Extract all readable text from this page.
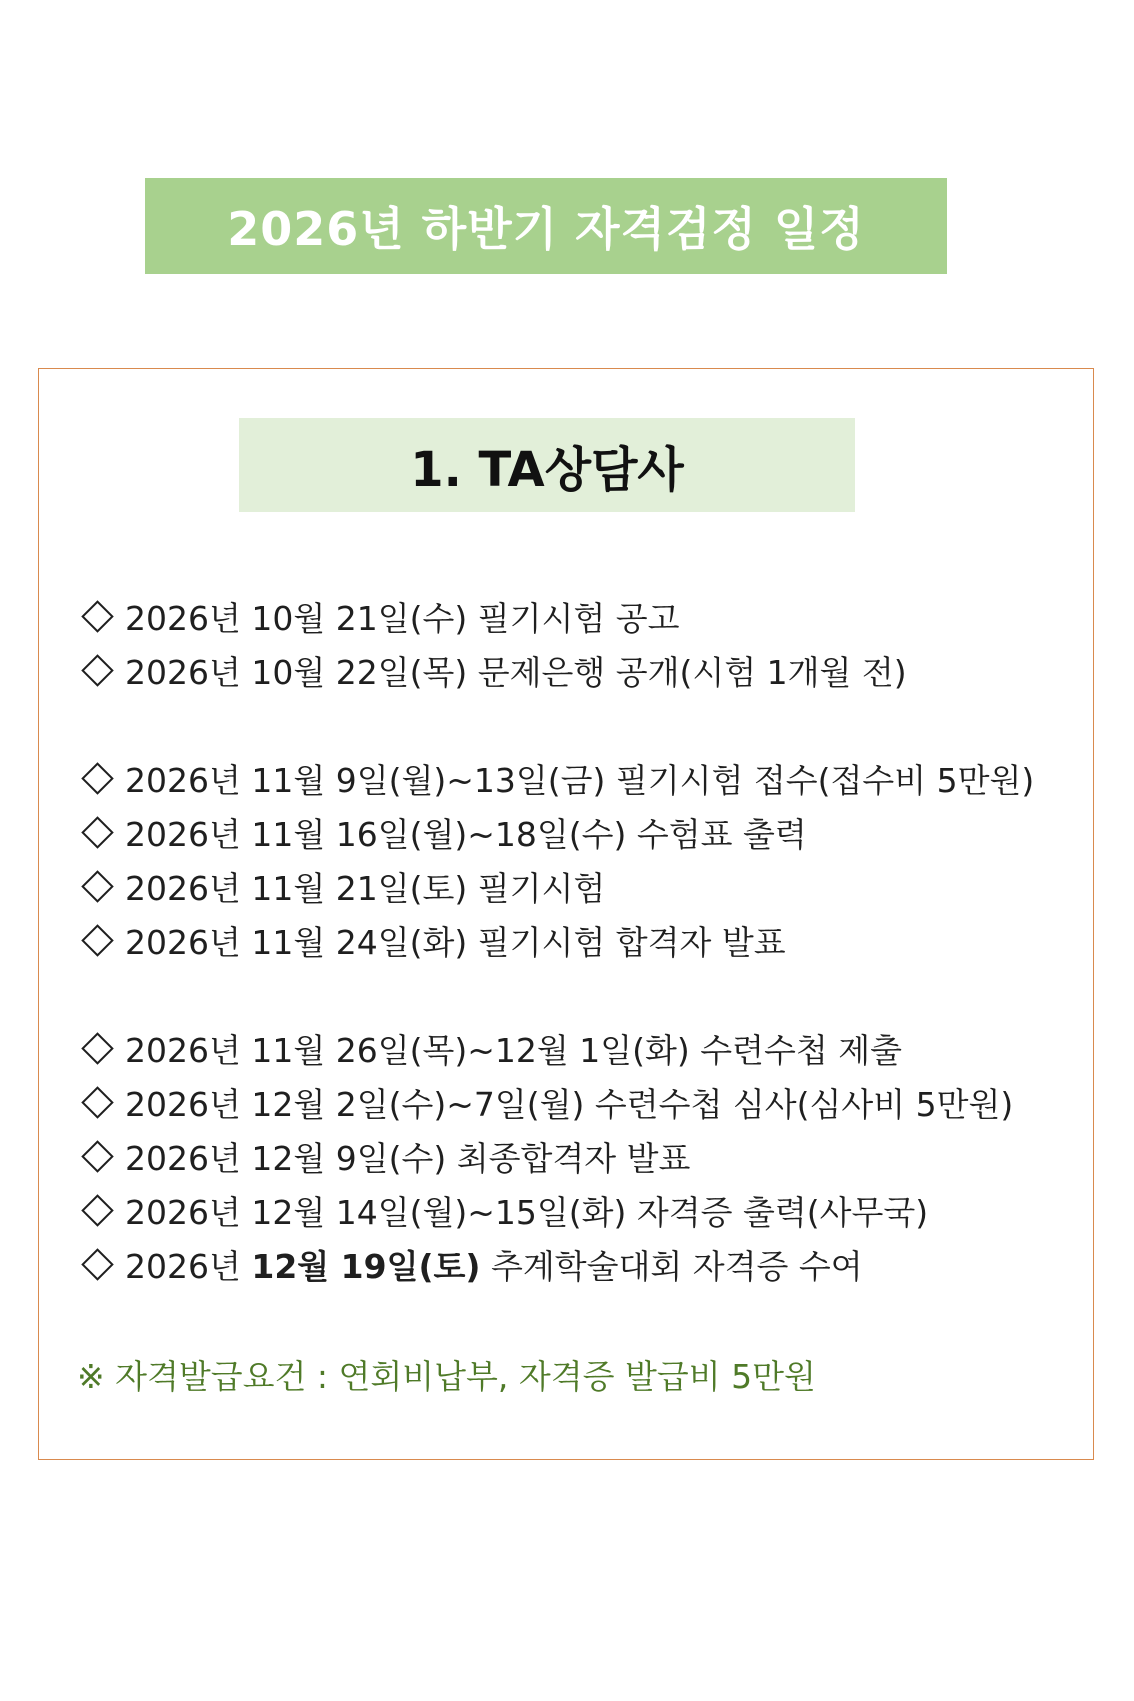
2026년 하반기 자격검정 일정
1. TA상담사
2026년 10월 21일(수) 필기시험 공고
2026년 10월 22일(목) 문제은행 공개(시험 1개월 전)
2026년 11월 9일(월)~13일(금) 필기시험 접수(접수비 5만원)
2026년 11월 16일(월)~18일(수) 수험표 출력
2026년 11월 21일(토) 필기시험
2026년 11월 24일(화) 필기시험 합격자 발표
2026년 11월 26일(목)~12월 1일(화) 수련수첩 제출
2026년 12월 2일(수)~7일(월) 수련수첩 심사(심사비 5만원)
2026년 12월 9일(수) 최종합격자 발표
2026년 12월 14일(월)~15일(화) 자격증 출력(사무국)
2026년 12월 19일(토) 추계학술대회 자격증 수여
※ 자격발급요건 : 연회비납부, 자격증 발급비 5만원
